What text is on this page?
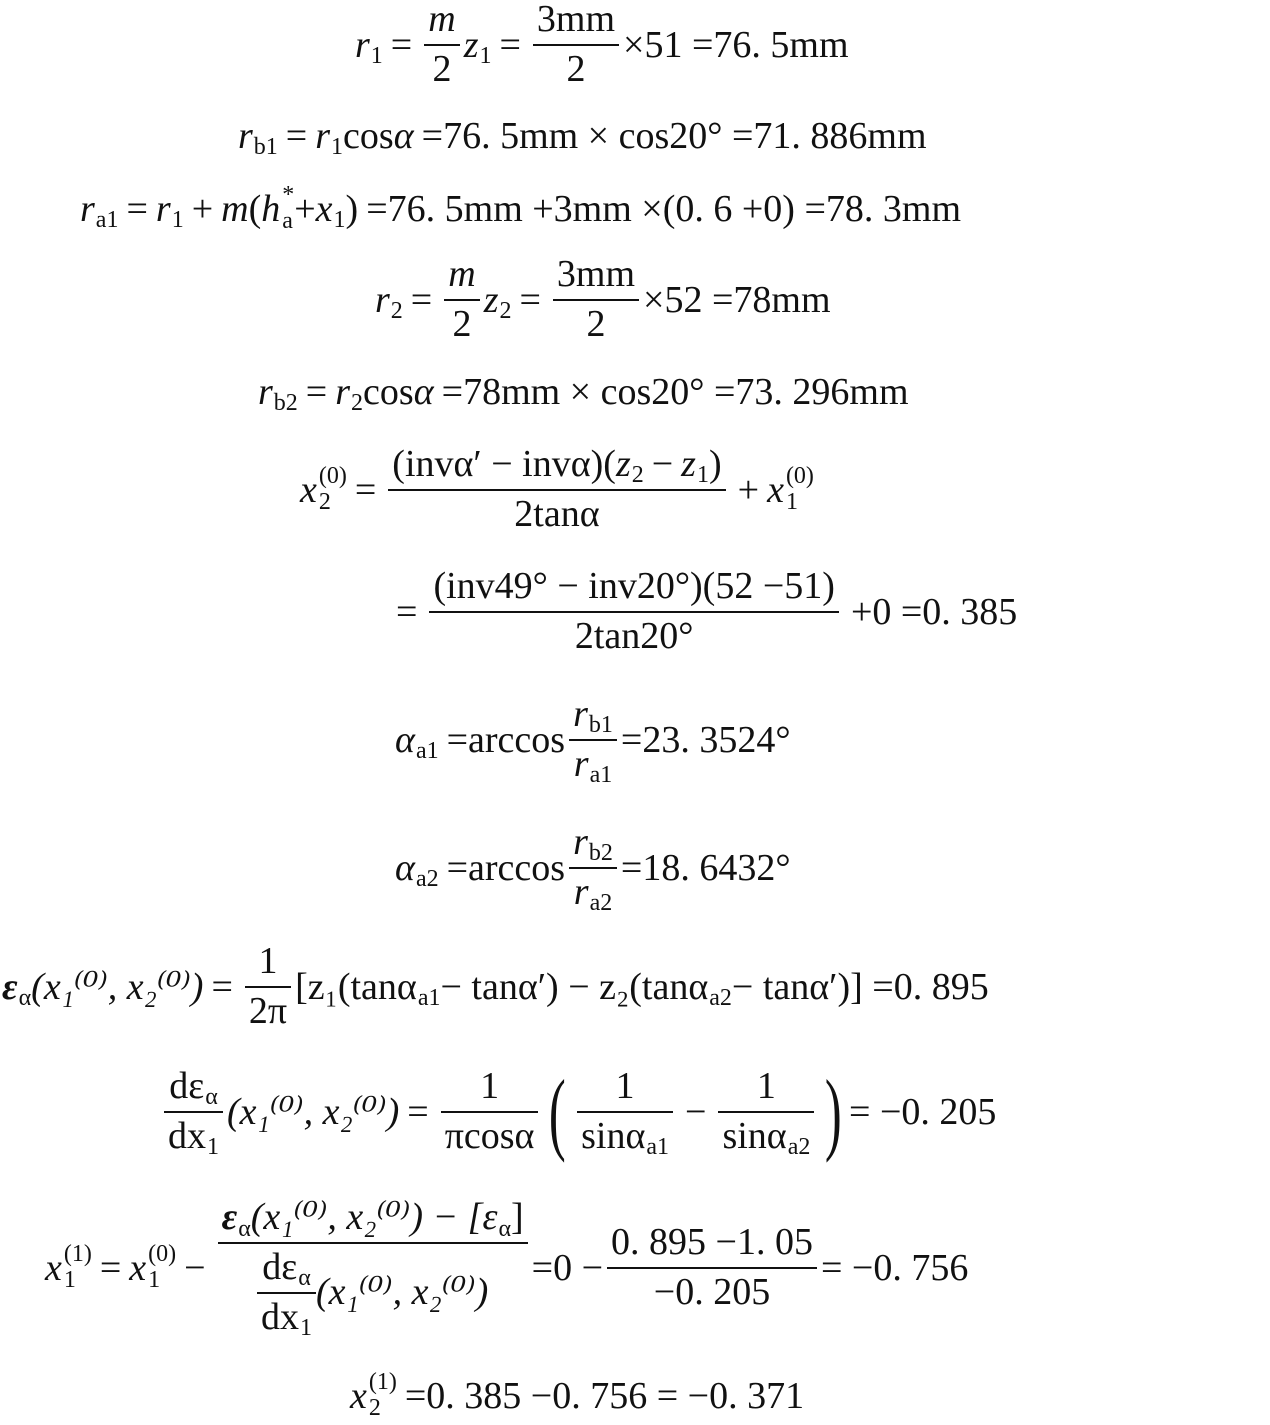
r $1 = \frac{m}{2}$ z $1 = \frac{3mm}{2} \times 51 =76$. 5mm
r b1 = r 1 cos α =76. 5mm × cos20° =71. 886mm
r a1 = r 1 + m ( h *
a + x 1 ) =76. 5mm +3mm ×(0. 6 +0) =78. 3mm
r $2 = \frac{m}{2}$ z $2 = \frac{3mm}{2} \times 52 =78mm$
r b2 = r 2 cos α =78mm × cos20° =73. 296mm
x (0)
$2 = \frac{\text{(invα′ − invα)( z 2 − z 1 )}}{2\tan\alpha} + x$ (0)
1
= $\frac{\text{(inv49° − inv20°)(52 −51)}}{2\tan 20^\circ} +0 =0$. 385
α $a1 =\arccos \frac{\text{r b1}}{\text{r a1}} =23$. 3524°
α $a2 =\arccos \frac{\text{r b2}}{\text{r a2}} =18$. 6432°
ε α (x₁⁽⁰⁾, $x_2^{(0)}) = \frac{1}{2\pi} [z_1(\tan\alpha$ a1 − tanα′) − z₂(tanα a2 − tanα′)] =0. 895
$\frac{\text{dε α}}{dx 1} (x_1^{(0)}$, $x_2^{(0)}) = \frac{1}{\pi\cos\alpha}$ ( $\frac{1}{\text{sinα a1}} - \frac{1}{\text{sinα a2}}$ ) = −0. 205
x (1)
1 = x (0)
$1 - \frac{\text{ε α (x₁⁽⁰⁾, x₂⁽⁰⁾) − [ε α ]}}{\frac{\text{dε α}}{dx 1} (x_1^{(0)}, x_2^{(0)})} =0 - \frac{0. 895 -1. 05}{-0. 205} = -0$. 756
x (1)
2 =0. 385 −0. 756 = −0. 371
